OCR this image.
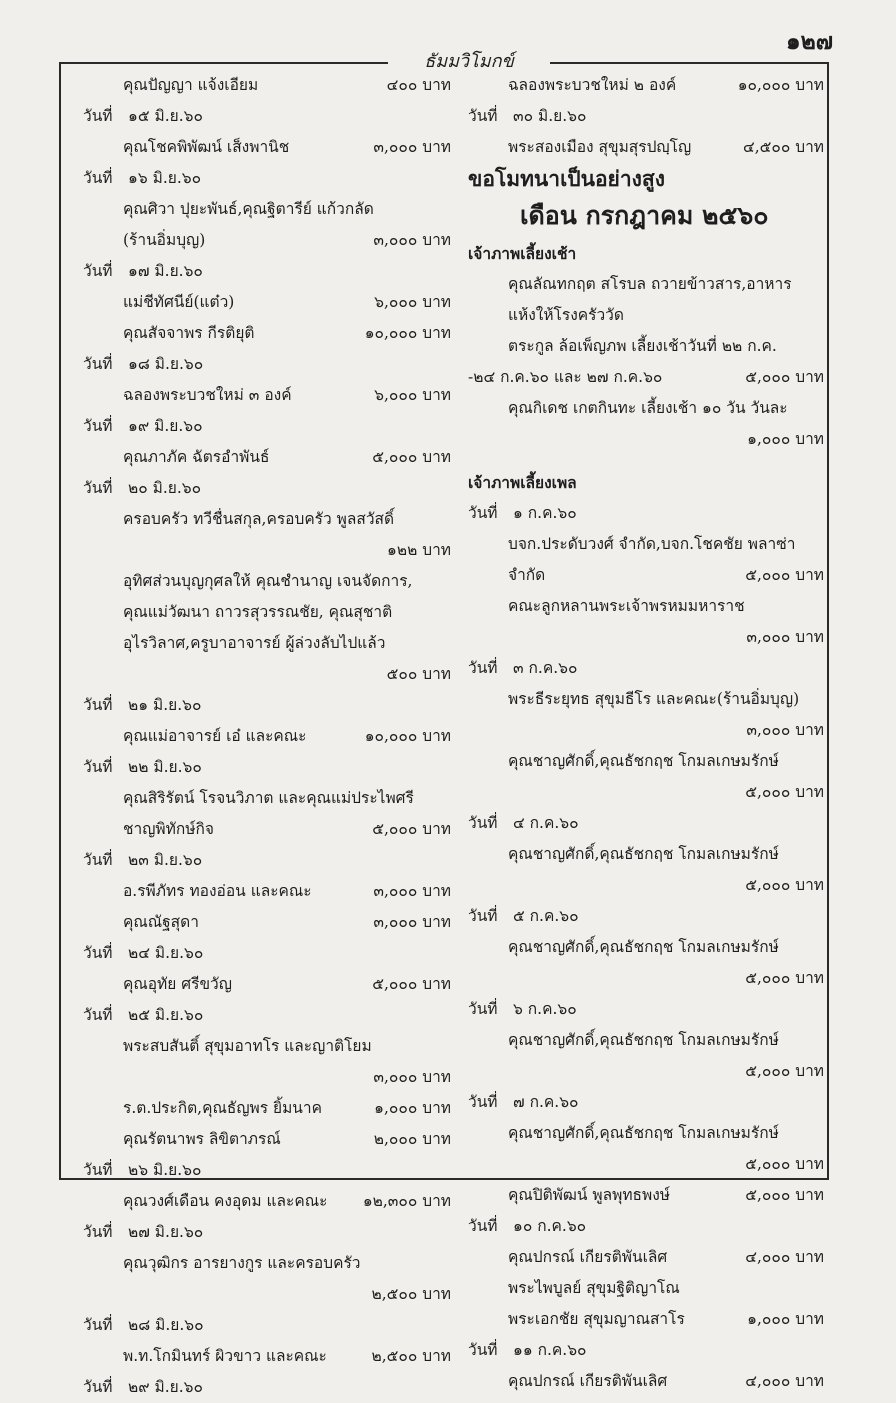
๑๒๗
ธัมมวิโมกข์
คุณปัญญา แจ้งเอียม	๔๐๐ บาท
วันที่ ๑๕ มิ.ย.๖๐
คุณโชคพิพัฒน์ เส็งพานิช	๓,๐๐๐ บาท
วันที่ ๑๖ มิ.ย.๖๐
คุณศิวา ปุยะพันธ์,คุณฐิตารีย์ แก้วกลัด
(ร้านอิ่มบุญ)	๓,๐๐๐ บาท
วันที่ ๑๗ มิ.ย.๖๐
แม่ชีทัศนีย์(แต๋ว)	๖,๐๐๐ บาท
คุณสัจจาพร กีรติยุติ	๑๐,๐๐๐ บาท
วันที่ ๑๘ มิ.ย.๖๐
ฉลองพระบวชใหม่ ๓ องค์	๖,๐๐๐ บาท
วันที่ ๑๙ มิ.ย.๖๐
คุณภาภัค ฉัตรอำพันธ์	๕,๐๐๐ บาท
วันที่ ๒๐ มิ.ย.๖๐
ครอบครัว ทวีชื่นสกุล,ครอบครัว พูลสวัสดิ์
๑๒๒ บาท
อุทิศส่วนบุญกุศลให้ คุณชำนาญ เจนจัดการ,
คุณแม่วัฒนา ถาวรสุวรรณชัย, คุณสุชาติ
อุไรวิลาศ,ครูบาอาจารย์ ผู้ล่วงลับไปแล้ว
๕๐๐ บาท
วันที่ ๒๑ มิ.ย.๖๐
คุณแม่อาจารย์ เอ๋ และคณะ	๑๐,๐๐๐ บาท
วันที่ ๒๒ มิ.ย.๖๐
คุณสิริรัตน์ โรจนวิภาต และคุณแม่ประไพศรี
ชาญพิทักษ์กิจ	๕,๐๐๐ บาท
วันที่ ๒๓ มิ.ย.๖๐
อ.รพีภัทร ทองอ่อน และคณะ	๓,๐๐๐ บาท
คุณณัฐสุดา	๓,๐๐๐ บาท
วันที่ ๒๔ มิ.ย.๖๐
คุณอุทัย ศรีขวัญ	๕,๐๐๐ บาท
วันที่ ๒๕ มิ.ย.๖๐
พระสบสันติ์ สุขุมอาทโร และญาติโยม
๓,๐๐๐ บาท
ร.ต.ประกิต,คุณธัญพร ยิ้มนาค	๑,๐๐๐ บาท
คุณรัตนาพร ลิขิตาภรณ์	๒,๐๐๐ บาท
วันที่ ๒๖ มิ.ย.๖๐
คุณวงศ์เดือน คงอุดม และคณะ ๑๒,๓๐๐ บาท
วันที่ ๒๗ มิ.ย.๖๐
คุณวุฒิกร อารยางกูร และครอบครัว
๒,๕๐๐ บาท
วันที่ ๒๘ มิ.ย.๖๐
พ.ท.โกมินทร์ ผิวขาว และคณะ	๒,๕๐๐ บาท
วันที่ ๒๙ มิ.ย.๖๐
ฉลองพระบวชใหม่ ๒ องค์	๑๐,๐๐๐ บาท
วันที่ ๓๐ มิ.ย.๖๐
พระสองเมือง สุขุมสุรปญฺโญ	๔,๕๐๐ บาท
ขอโมทนาเป็นอย่างสูง
เดือน กรกฎาคม ๒๕๖๐
เจ้าภาพเลี้ยงเช้า
คุณลัณทกฤต สโรบล ถวายข้าวสาร,อาหาร
แห้งให้โรงครัววัด
ตระกูล ล้อเพ็ญภพ เลี้ยงเช้าวันที่ ๒๒ ก.ค.
-๒๔ ก.ค.๖๐ และ ๒๗ ก.ค.๖๐	๕,๐๐๐ บาท
คุณกิเดช เกตกินทะ เลี้ยงเช้า ๑๐ วัน วันละ
๑,๐๐๐ บาท
เจ้าภาพเลี้ยงเพล
วันที่ ๑ ก.ค.๖๐
บจก.ประดับวงศ์ จำกัด,บจก.โชคชัย พลาซ่า
จำกัด	๕,๐๐๐ บาท
คณะลูกหลานพระเจ้าพรหมมหาราช
๓,๐๐๐ บาท
วันที่ ๓ ก.ค.๖๐
พระธีระยุทธ สุขุมธีโร และคณะ(ร้านอิ่มบุญ)
๓,๐๐๐ บาท
คุณชาญศักดิ์,คุณธัชกฤช โกมลเกษมรักษ์
๕,๐๐๐ บาท
วันที่ ๔ ก.ค.๖๐
คุณชาญศักดิ์,คุณธัชกฤช โกมลเกษมรักษ์
๕,๐๐๐ บาท
วันที่ ๕ ก.ค.๖๐
คุณชาญศักดิ์,คุณธัชกฤช โกมลเกษมรักษ์
๕,๐๐๐ บาท
วันที่ ๖ ก.ค.๖๐
คุณชาญศักดิ์,คุณธัชกฤช โกมลเกษมรักษ์
๕,๐๐๐ บาท
วันที่ ๗ ก.ค.๖๐
คุณชาญศักดิ์,คุณธัชกฤช โกมลเกษมรักษ์
๕,๐๐๐ บาท
คุณปิติพัฒน์ พูลพุทธพงษ์	๕,๐๐๐ บาท
วันที่ ๑๐ ก.ค.๖๐
คุณปกรณ์ เกียรติพันเลิศ	๔,๐๐๐ บาท
พระไพบูลย์ สุขุมฐิติญาโณ
พระเอกชัย สุขุมญาณสาโร	๑,๐๐๐ บาท
วันที่ ๑๑ ก.ค.๖๐
คุณปกรณ์ เกียรติพันเลิศ	๔,๐๐๐ บาท
